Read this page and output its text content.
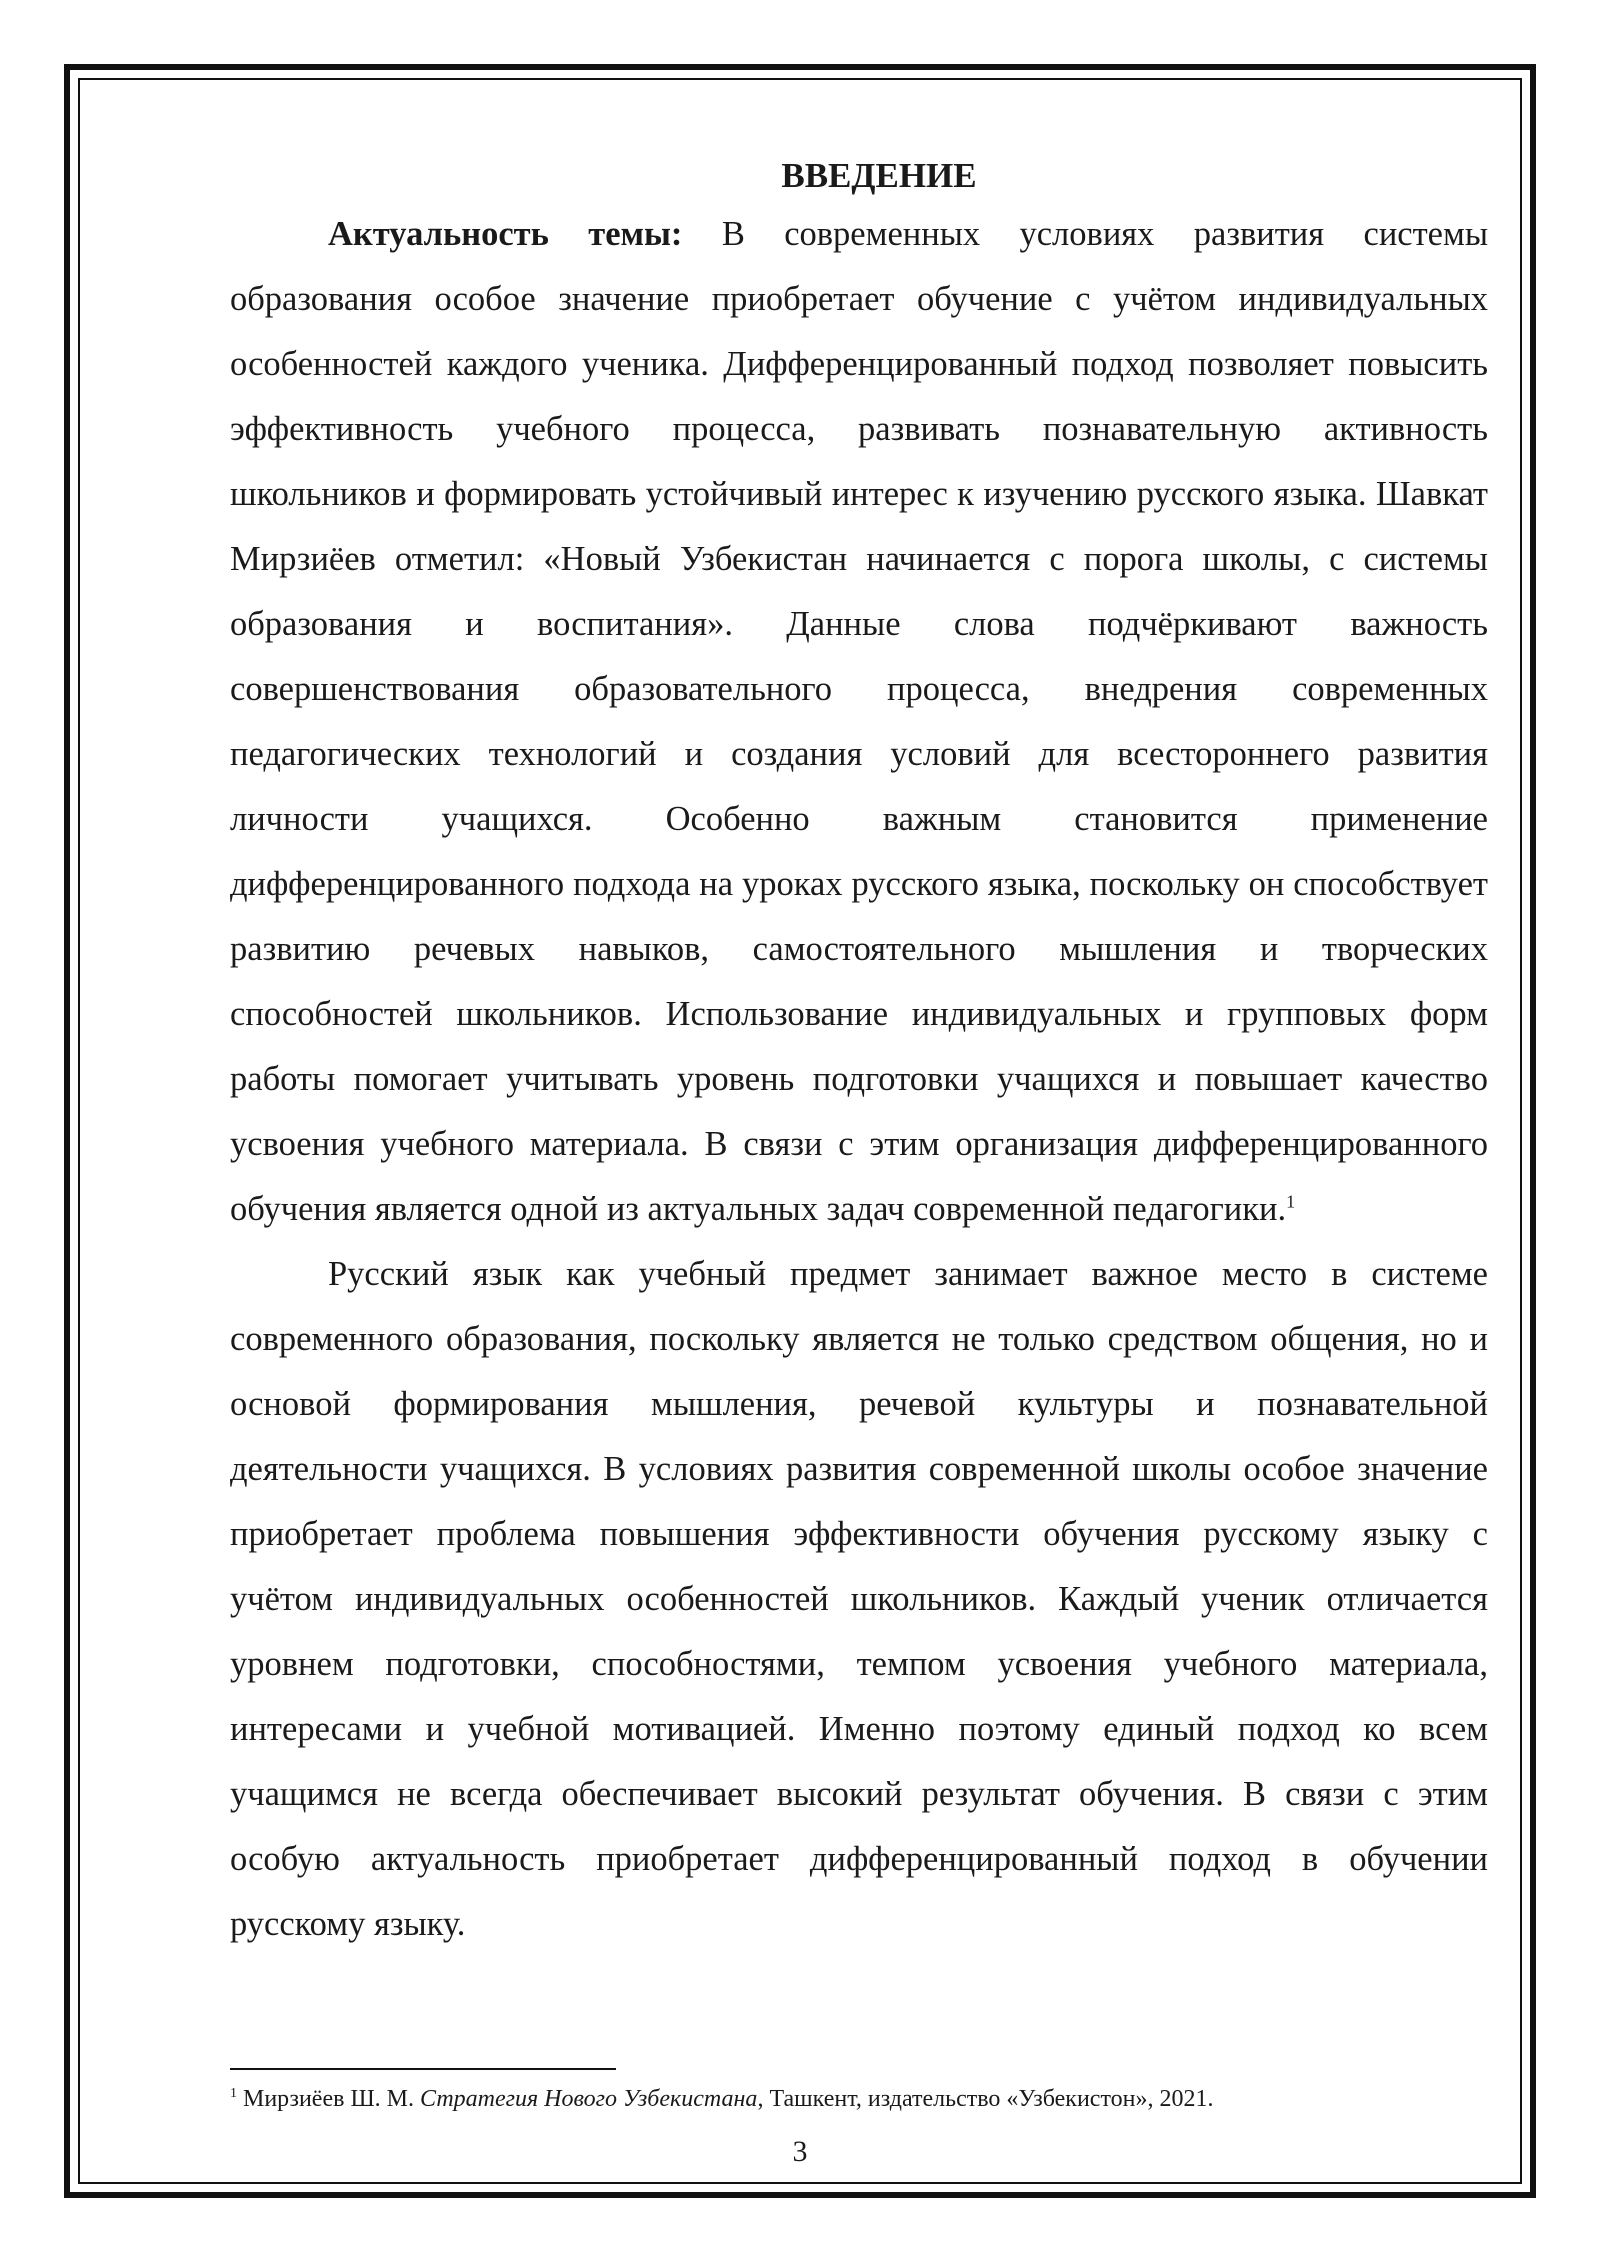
ВВЕДЕНИЕ

Актуальность темы: В современных условиях развития системы образования особое значение приобретает обучение с учётом индивидуальных особенностей каждого ученика. Дифференцированный подход позволяет повысить эффективность учебного процесса, развивать познавательную активность школьников и формировать устойчивый интерес к изучению русского языка. Шавкат Мирзиёев отметил: «Новый Узбекистан начинается с порога школы, с системы образования и воспитания». Данные слова подчёркивают важность совершенствования образовательного процесса, внедрения современных педагогических технологий и создания условий для всестороннего развития личности учащихся. Особенно важным становится применение дифференцированного подхода на уроках русского языка, поскольку он способствует развитию речевых навыков, самостоятельного мышления и творческих способностей школьников. Использование индивидуальных и групповых форм работы помогает учитывать уровень подготовки учащихся и повышает качество усвоения учебного материала. В связи с этим организация дифференцированного обучения является одной из актуальных задач современной педагогики.$^1$

Русский язык как учебный предмет занимает важное место в системе современного образования, поскольку является не только средством общения, но и основой формирования мышления, речевой культуры и познавательной деятельности учащихся. В условиях развития современной школы особое значение приобретает проблема повышения эффективности обучения русскому языку с учётом индивидуальных особенностей школьников. Каждый ученик отличается уровнем подготовки, способностями, темпом усвоения учебного материала, интересами и учебной мотивацией. Именно поэтому единый подход ко всем учащимся не всегда обеспечивает высокий результат обучения. В связи с этим особую актуальность приобретает дифференцированный подход в обучении русскому языку.

$^1$ Мирзиёев Ш. М. Стратегия Нового Узбекистана, Ташкент, издательство «Узбекистон», 2021.
3
